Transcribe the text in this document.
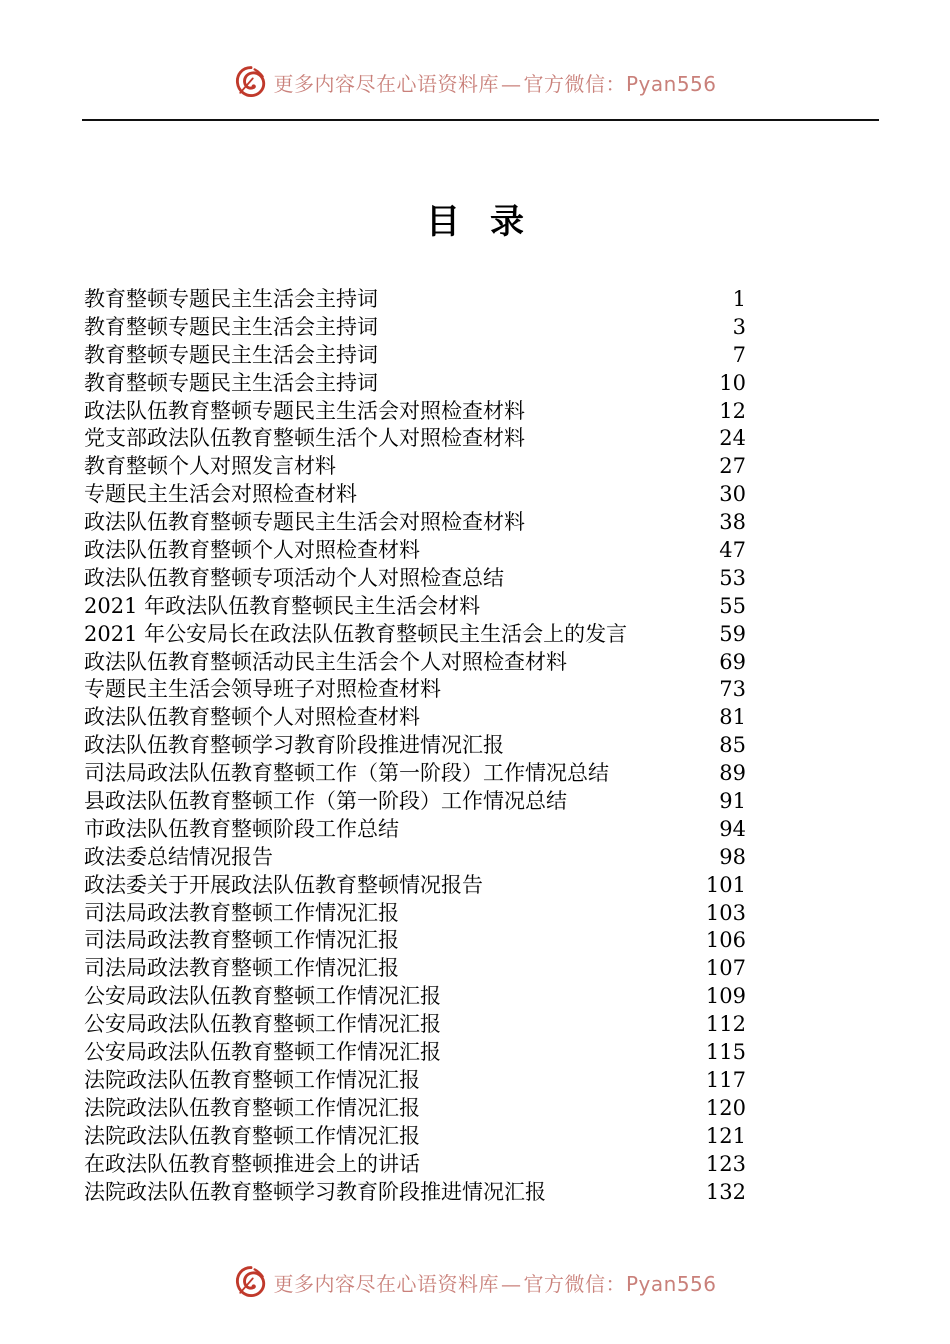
更多内容尽在心语资料库 — 官方微信：Pyan556
目录
教育整顿专题民主生活会主持词	1
教育整顿专题民主生活会主持词	3
教育整顿专题民主生活会主持词	7
教育整顿专题民主生活会主持词	10
政法队伍教育整顿专题民主生活会对照检查材料	12
党支部政法队伍教育整顿生活个人对照检查材料	24
教育整顿个人对照发言材料	27
专题民主生活会对照检查材料	30
政法队伍教育整顿专题民主生活会对照检查材料	38
政法队伍教育整顿个人对照检查材料	47
政法队伍教育整顿专项活动个人对照检查总结	53
2021 年政法队伍教育整顿民主生活会材料	55
2021 年公安局长在政法队伍教育整顿民主生活会上的发言	59
政法队伍教育整顿活动民主生活会个人对照检查材料	69
专题民主生活会领导班子对照检查材料	73
政法队伍教育整顿个人对照检查材料	81
政法队伍教育整顿学习教育阶段推进情况汇报	85
司法局政法队伍教育整顿工作（第一阶段）工作情况总结	89
县政法队伍教育整顿工作（第一阶段）工作情况总结	91
市政法队伍教育整顿阶段工作总结	94
政法委总结情况报告	98
政法委关于开展政法队伍教育整顿情况报告	101
司法局政法教育整顿工作情况汇报	103
司法局政法教育整顿工作情况汇报	106
司法局政法教育整顿工作情况汇报	107
公安局政法队伍教育整顿工作情况汇报	109
公安局政法队伍教育整顿工作情况汇报	112
公安局政法队伍教育整顿工作情况汇报	115
法院政法队伍教育整顿工作情况汇报	117
法院政法队伍教育整顿工作情况汇报	120
法院政法队伍教育整顿工作情况汇报	121
在政法队伍教育整顿推进会上的讲话	123
法院政法队伍教育整顿学习教育阶段推进情况汇报	132
更多内容尽在心语资料库 — 官方微信：Pyan556
